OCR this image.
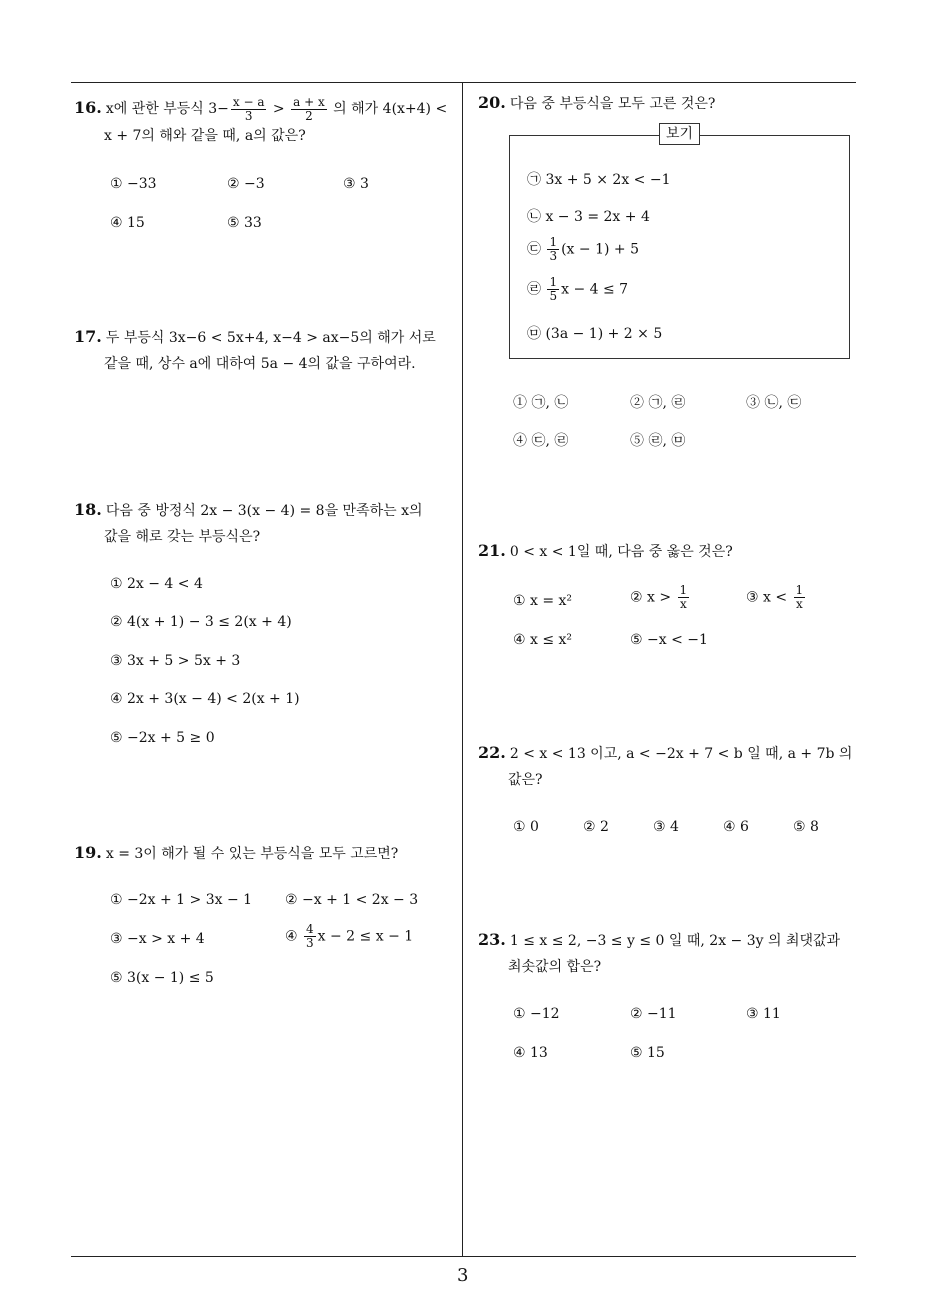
16. x에 관한 부등식 $3- \frac{x - a}{3} > \frac{a + x}{2}$ 의 해가 4(x+4) <
x + 7의 해와 같을 때, a의 값은?
① −33	② −3	③ 3
④ 15	⑤ 33
17. 두 부등식 3x−6 < 5x+4, x−4 > ax−5의 해가 서로
같을 때, 상수 a에 대하여 5a − 4의 값을 구하여라.
18. 다음 중 방정식 2x − 3(x − 4) = 8을 만족하는 x의
값을 해로 갖는 부등식은?
① 2x − 4 < 4
② 4(x + 1) − 3 ≤ 2(x + 4)
③ 3x + 5 > 5x + 3
④ 2x + 3(x − 4) < 2(x + 1)
⑤ −2x + 5 ≥ 0
19. x = 3이 해가 될 수 있는 부등식을 모두 고르면?
① −2x + 1 > 3x − 1 ② −x + 1 < 2x − 3
③ −x > x + 4	④ $\frac{4}{3}$ x − 2 ≤ x − 1
⑤ 3(x − 1) ≤ 5
20. 다음 중 부등식을 모두 고른 것은?
보기
㉠ 3x + 5 × 2x < −1
㉡ x − 3 = 2x + 4
㉢ $\frac{1}{3} (x - 1) + 5$
㉣ $\frac{1}{5}$ x − 4 ≤ 7
㉤ (3a − 1) + 2 × 5
① ㉠, ㉡	② ㉠, ㉣	③ ㉡, ㉢
④ ㉢, ㉣	⑤ ㉣, ㉤
21. 0 < x < 1일 때, 다음 중 옳은 것은?
① x = x²	② $x > \frac{1}{x}$	③ $x < \frac{1}{x}$
④ x ≤ x²	⑤ −x < −1
22. 2 < x < 13 이고, a < −2x + 7 < b 일 때, a + 7b 의
값은?
① 0	② 2	③ 4	④ 6	⑤ 8
23. 1 ≤ x ≤ 2, −3 ≤ y ≤ 0 일 때, 2x − 3y 의 최댓값과
최솟값의 합은?
① −12	② −11	③ 11
④ 13	⑤ 15
3
